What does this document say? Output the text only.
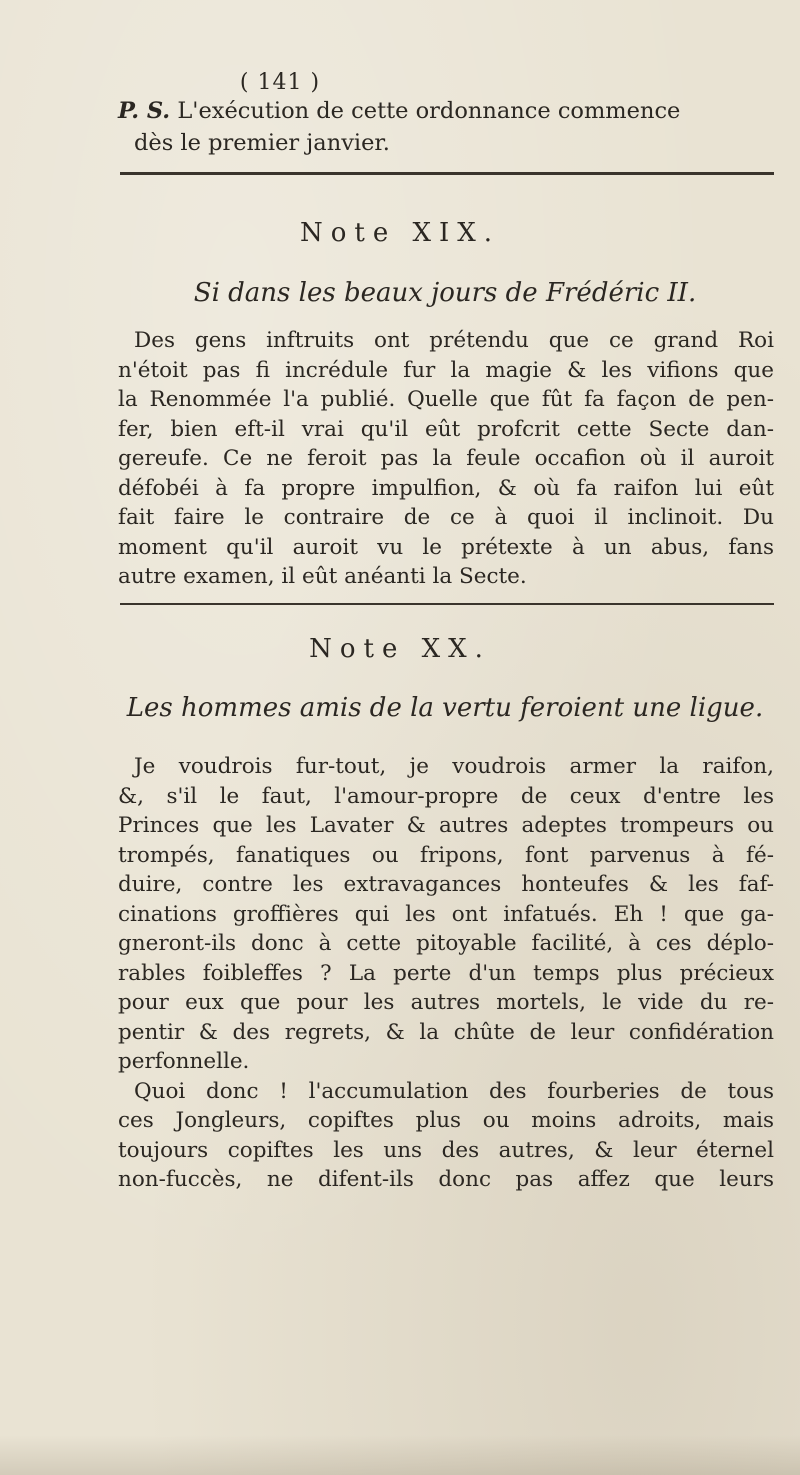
( 141 )
P. S. L'exécution de cette ordonnance commence
dès le premier janvier.
Note XIX.
Si dans les beaux jours de Frédéric II.
Des gens inftruits ont prétendu que ce grand Roi
n'étoit pas fi incrédule fur la magie & les vifions que
la Renommée l'a publié. Quelle que fût fa façon de pen-
fer, bien eft-il vrai qu'il eût profcrit cette Secte dan-
gereufe. Ce ne feroit pas la feule occafion où il auroit
défobéi à fa propre impulfion, & où fa raifon lui eût
fait faire le contraire de ce à quoi il inclinoit. Du
moment qu'il auroit vu le prétexte à un abus, fans
autre examen, il eût anéanti la Secte.
Note XX.
Les hommes amis de la vertu feroient une ligue.
Je voudrois fur-tout, je voudrois armer la raifon,
&, s'il le faut, l'amour-propre de ceux d'entre les
Princes que les Lavater & autres adeptes trompeurs ou
trompés, fanatiques ou fripons, font parvenus à fé-
duire, contre les extravagances honteufes & les faf-
cinations groffières qui les ont infatués. Eh ! que ga-
gneront-ils donc à cette pitoyable facilité, à ces déplo-
rables foibleffes ? La perte d'un temps plus précieux
pour eux que pour les autres mortels, le vide du re-
pentir & des regrets, & la chûte de leur confidération
perfonnelle.
Quoi donc ! l'accumulation des fourberies de tous
ces Jongleurs, copiftes plus ou moins adroits, mais
toujours copiftes les uns des autres, & leur éternel
non-fuccès, ne difent-ils donc pas affez que leurs
